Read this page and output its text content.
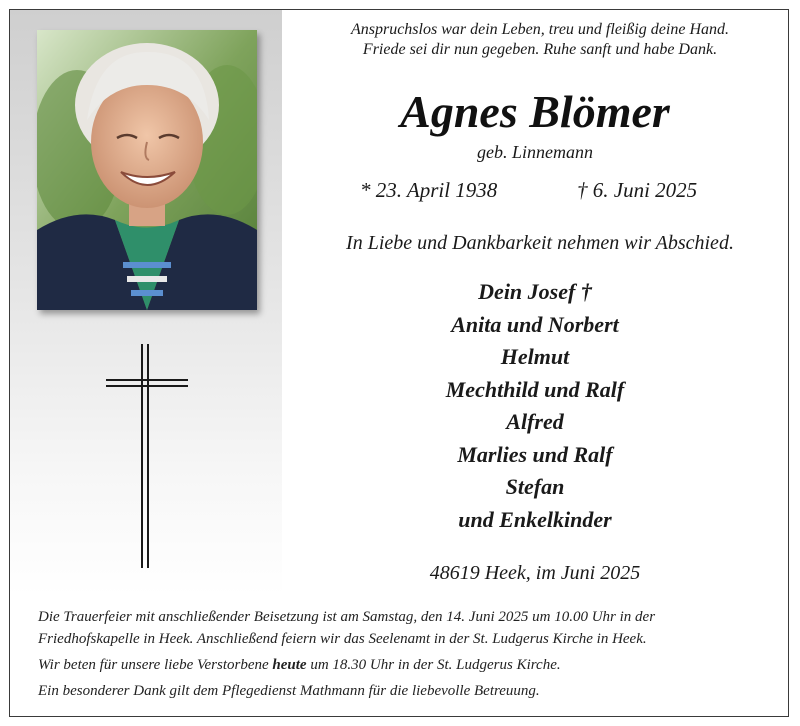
Anspruchslos war dein Leben, treu und fleißig deine Hand.
Friede sei dir nun gegeben. Ruhe sanft und habe Dank.
Agnes Blömer
geb. Linnemann
* 23. April 1938	† 6. Juni 2025
In Liebe und Dankbarkeit nehmen wir Abschied.
Dein Josef †
Anita und Norbert
Helmut
Mechthild und Ralf
Alfred
Marlies und Ralf
Stefan
und Enkelkinder
48619 Heek, im Juni 2025

Die Trauerfeier mit anschließender Beisetzung ist am Samstag, den 14. Juni 2025 um 10.00 Uhr in der

Friedhofskapelle in Heek. Anschließend feiern wir das Seelenamt in der St. Ludgerus Kirche in Heek.

Wir beten für unsere liebe Verstorbene heute um 18.30 Uhr in der St. Ludgerus Kirche.

Ein besonderer Dank gilt dem Pflegedienst Mathmann für die liebevolle Betreuung.
